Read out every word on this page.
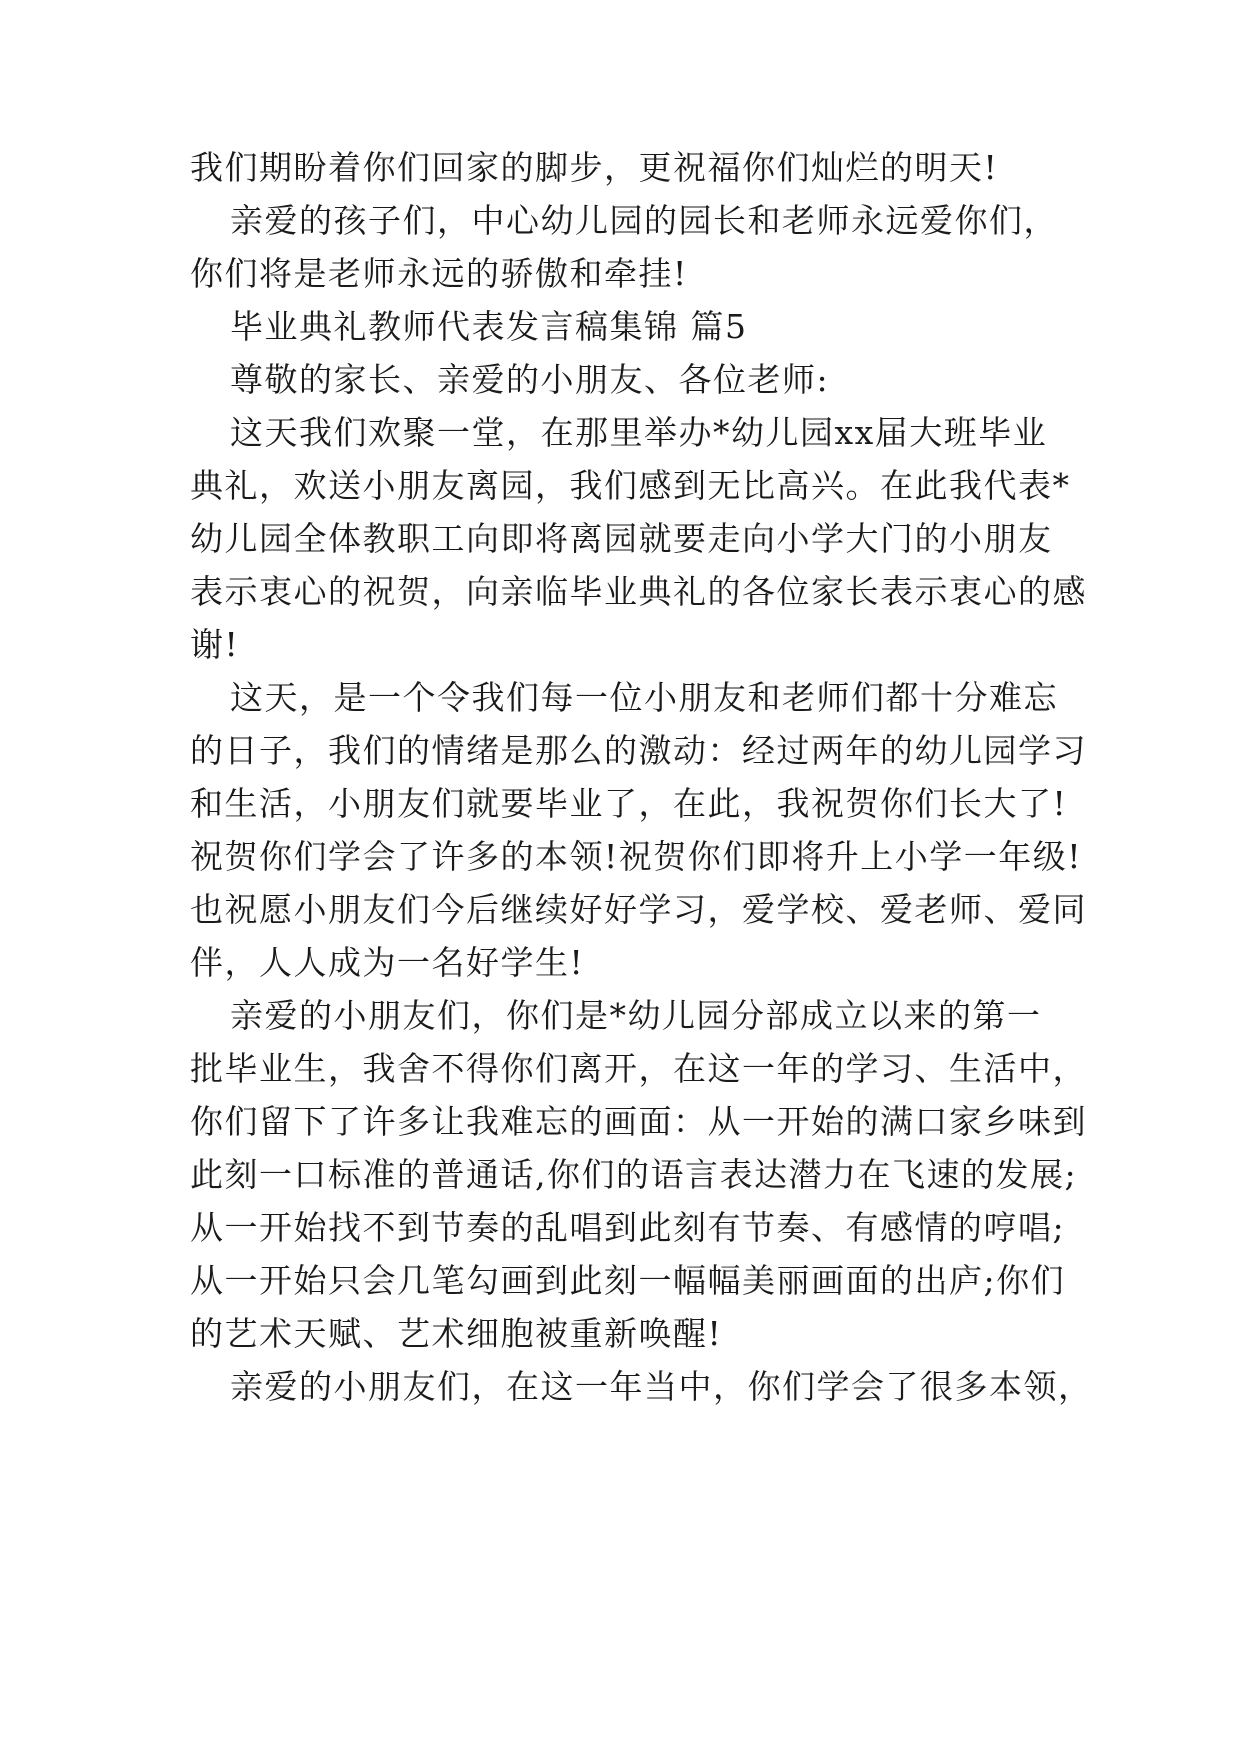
我们期盼着你们回家的脚步，更祝福你们灿烂的明天!
亲爱的孩子们，中心幼儿园的园长和老师永远爱你们，
你们将是老师永远的骄傲和牵挂!
毕业典礼教师代表发言稿集锦 篇5
尊敬的家长、亲爱的小朋友、各位老师:
这天我们欢聚一堂，在那里举办*幼儿园xx届大班毕业
典礼，欢送小朋友离园，我们感到无比高兴。在此我代表*
幼儿园全体教职工向即将离园就要走向小学大门的小朋友
表示衷心的祝贺，向亲临毕业典礼的各位家长表示衷心的感
谢!
这天，是一个令我们每一位小朋友和老师们都十分难忘
的日子，我们的情绪是那么的激动：经过两年的幼儿园学习
和生活，小朋友们就要毕业了，在此，我祝贺你们长大了!
祝贺你们学会了许多的本领!祝贺你们即将升上小学一年级!
也祝愿小朋友们今后继续好好学习，爱学校、爱老师、爱同
伴，人人成为一名好学生!
亲爱的小朋友们，你们是*幼儿园分部成立以来的第一
批毕业生，我舍不得你们离开，在这一年的学习、生活中，
你们留下了许多让我难忘的画面：从一开始的满口家乡味到
此刻一口标准的普通话,你们的语言表达潜力在飞速的发展;
从一开始找不到节奏的乱唱到此刻有节奏、有感情的哼唱;
从一开始只会几笔勾画到此刻一幅幅美丽画面的出庐;你们
的艺术天赋、艺术细胞被重新唤醒!
亲爱的小朋友们，在这一年当中，你们学会了很多本领，
